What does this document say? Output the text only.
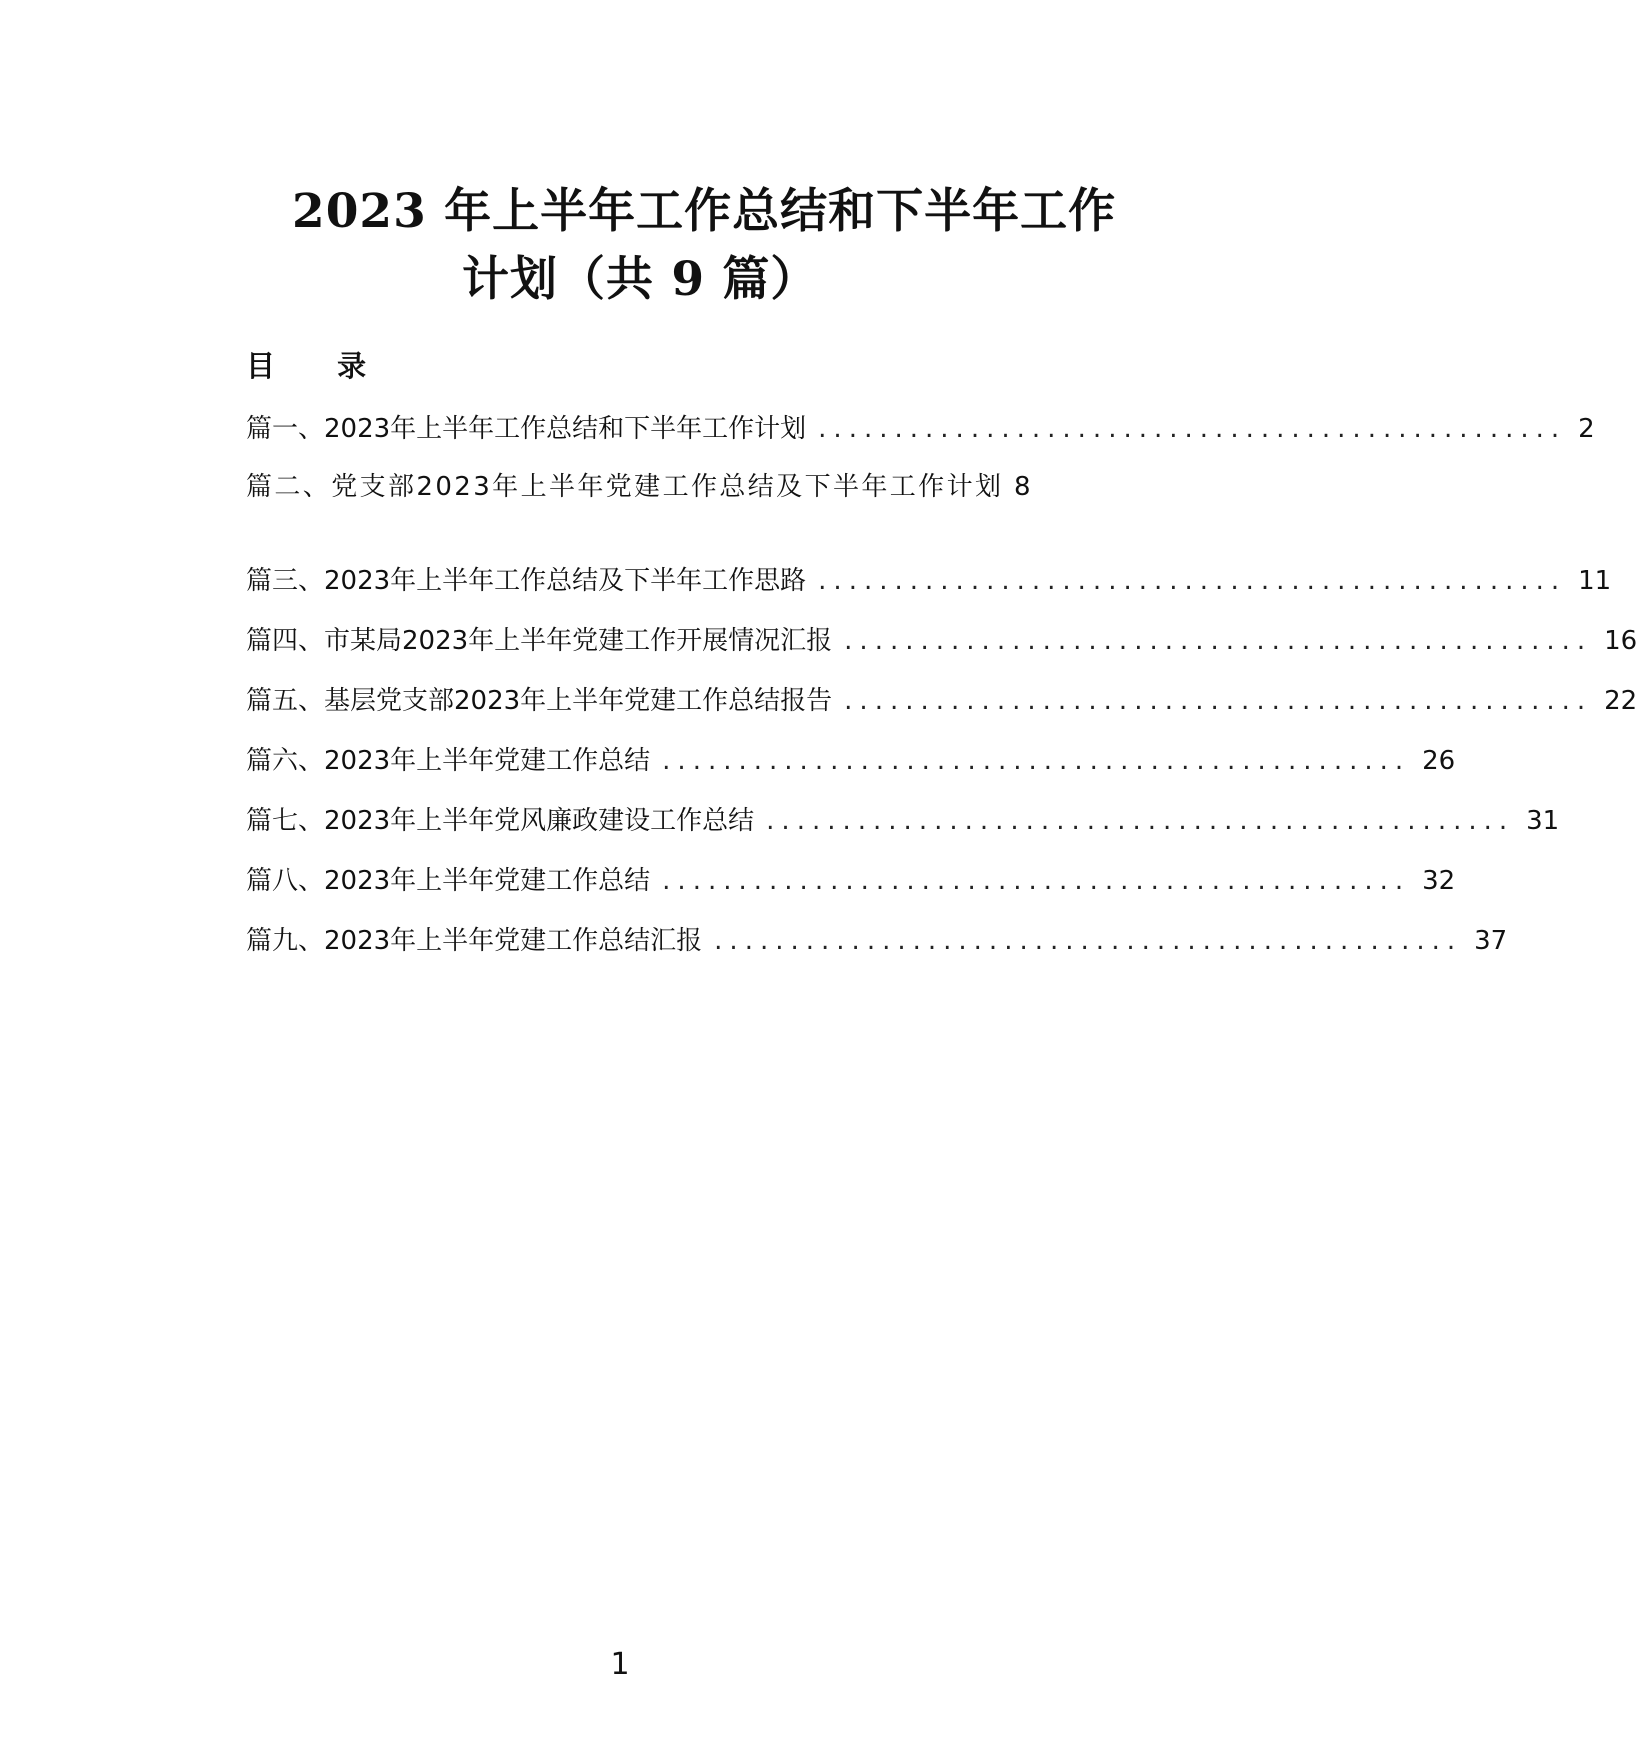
2023 年上半年工作总结和下半年工作
计划（共 9 篇）
目 录
篇一、2023年上半年工作总结和下半年工作计划 ................................................. 2
篇二、党支部2023年上半年党建工作总结及下半年工作计划 8
篇三、2023年上半年工作总结及下半年工作思路 ................................................. 11
篇四、市某局2023年上半年党建工作开展情况汇报 ................................................. 16
篇五、基层党支部2023年上半年党建工作总结报告 ................................................. 22
篇六、2023年上半年党建工作总结 ................................................. 26
篇七、2023年上半年党风廉政建设工作总结 ................................................. 31
篇八、2023年上半年党建工作总结 ................................................. 32
篇九、2023年上半年党建工作总结汇报 ................................................. 37
1
